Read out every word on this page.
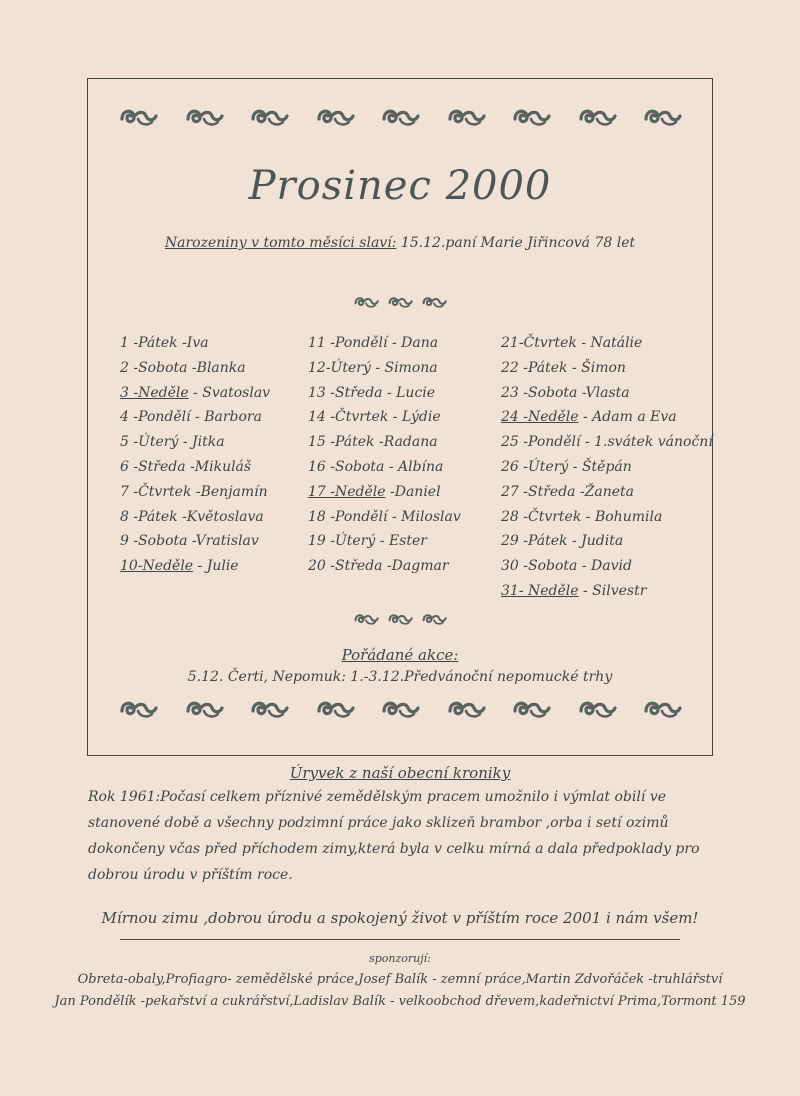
Prosinec 2000
Narozeniny v tomto měsíci slaví: 15.12.paní Marie Jiřincová 78 let
1 -Pátek -Iva
2 -Sobota -Blanka
3 -Neděle - Svatoslav
4 -Pondělí - Barbora
5 -Úterý - Jitka
6 -Středa -Mikuláš
7 -Čtvrtek -Benjamín
8 -Pátek -Květoslava
9 -Sobota -Vratislav
10-Neděle - Julie
11 -Pondělí - Dana
12-Úterý - Simona
13 -Středa - Lucie
14 -Čtvrtek - Lýdie
15 -Pátek -Radana
16 -Sobota - Albína
17 -Neděle -Daniel
18 -Pondělí - Miloslav
19 -Úterý - Ester
20 -Středa -Dagmar
21-Čtvrtek - Natálie
22 -Pátek - Šimon
23 -Sobota -Vlasta
24 -Neděle - Adam a Eva
25 -Pondělí - 1.svátek vánoční
26 -Úterý - Štěpán
27 -Středa -Žaneta
28 -Čtvrtek - Bohumila
29 -Pátek - Judita
30 -Sobota - David
31- Neděle - Silvestr
Pořádané akce:
5.12. Čerti, Nepomuk: 1.-3.12.Předvánoční nepomucké trhy
Úryvek z naší obecní kroniky
Rok 1961:Počasí celkem příznivé zemědělským pracem umožnilo i výmlat obilí ve stanovené době a všechny podzimní práce jako sklizeň brambor ,orba i setí ozimů dokončeny včas před příchodem zimy,která byla v celku mírná a dala předpoklady pro dobrou úrodu v příštím roce.
Mírnou zimu ,dobrou úrodu a spokojený život v příštím roce 2001 i nám všem!
sponzorují:
Obreta-obaly,Profiagro- zemědělské práce,Josef Balík - zemní práce,Martin Zdvořáček -truhlářství
Jan Pondělík -pekařství a cukrářství,Ladislav Balík - velkoobchod dřevem,kadeřnictví Prima,Tormont 159
